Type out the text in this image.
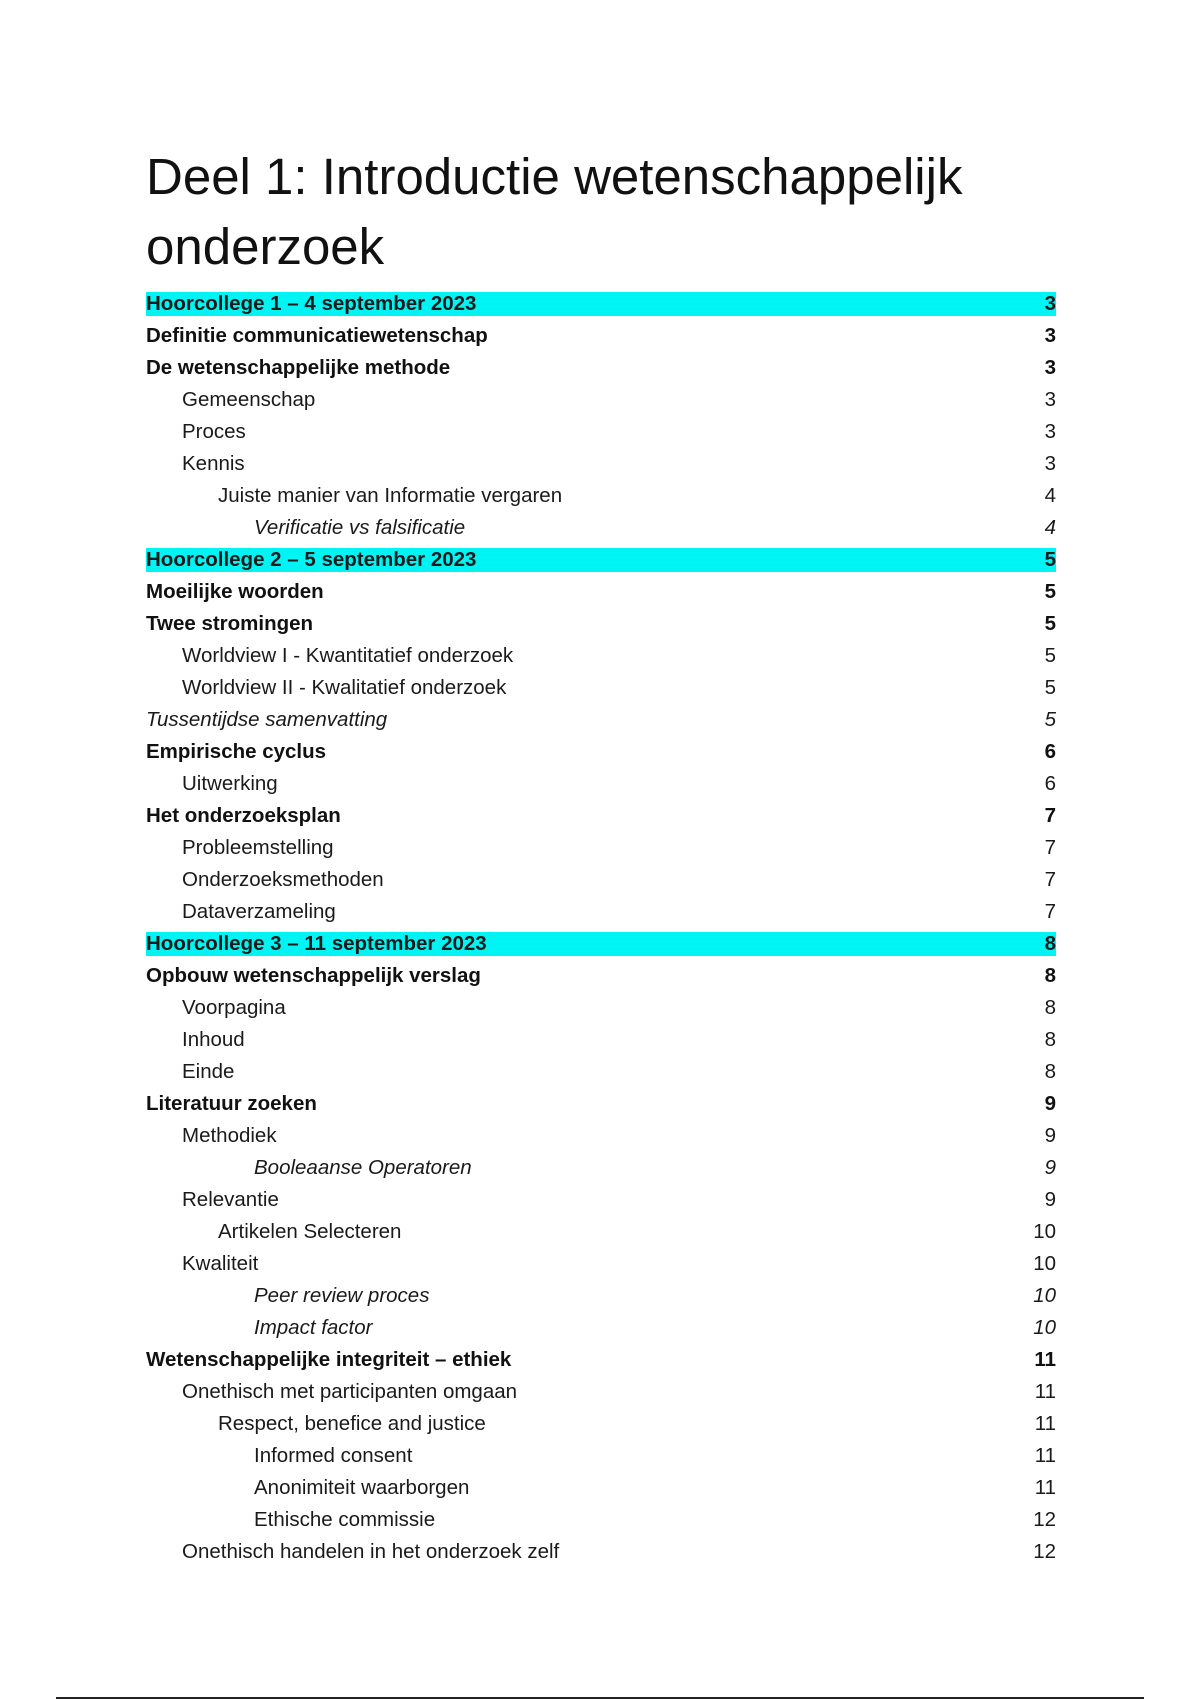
Deel 1: Introductie wetenschappelijk onderzoek
Hoorcollege 1 – 4 september 2023	3
Definitie communicatiewetenschap	3
De wetenschappelijke methode	3
Gemeenschap	3
Proces	3
Kennis	3
Juiste manier van Informatie vergaren	4
Verificatie vs falsificatie	4
Hoorcollege 2 – 5 september 2023	5
Moeilijke woorden	5
Twee stromingen	5
Worldview I - Kwantitatief onderzoek	5
Worldview II - Kwalitatief onderzoek	5
Tussentijdse samenvatting	5
Empirische cyclus	6
Uitwerking	6
Het onderzoeksplan	7
Probleemstelling	7
Onderzoeksmethoden	7
Dataverzameling	7
Hoorcollege 3 – 11 september 2023	8
Opbouw wetenschappelijk verslag	8
Voorpagina	8
Inhoud	8
Einde	8
Literatuur zoeken	9
Methodiek	9
Booleaanse Operatoren	9
Relevantie	9
Artikelen Selecteren	10
Kwaliteit	10
Peer review proces	10
Impact factor	10
Wetenschappelijke integriteit – ethiek	11
Onethisch met participanten omgaan	11
Respect, benefice and justice	11
Informed consent	11
Anonimiteit waarborgen	11
Ethische commissie	12
Onethisch handelen in het onderzoek zelf	12
